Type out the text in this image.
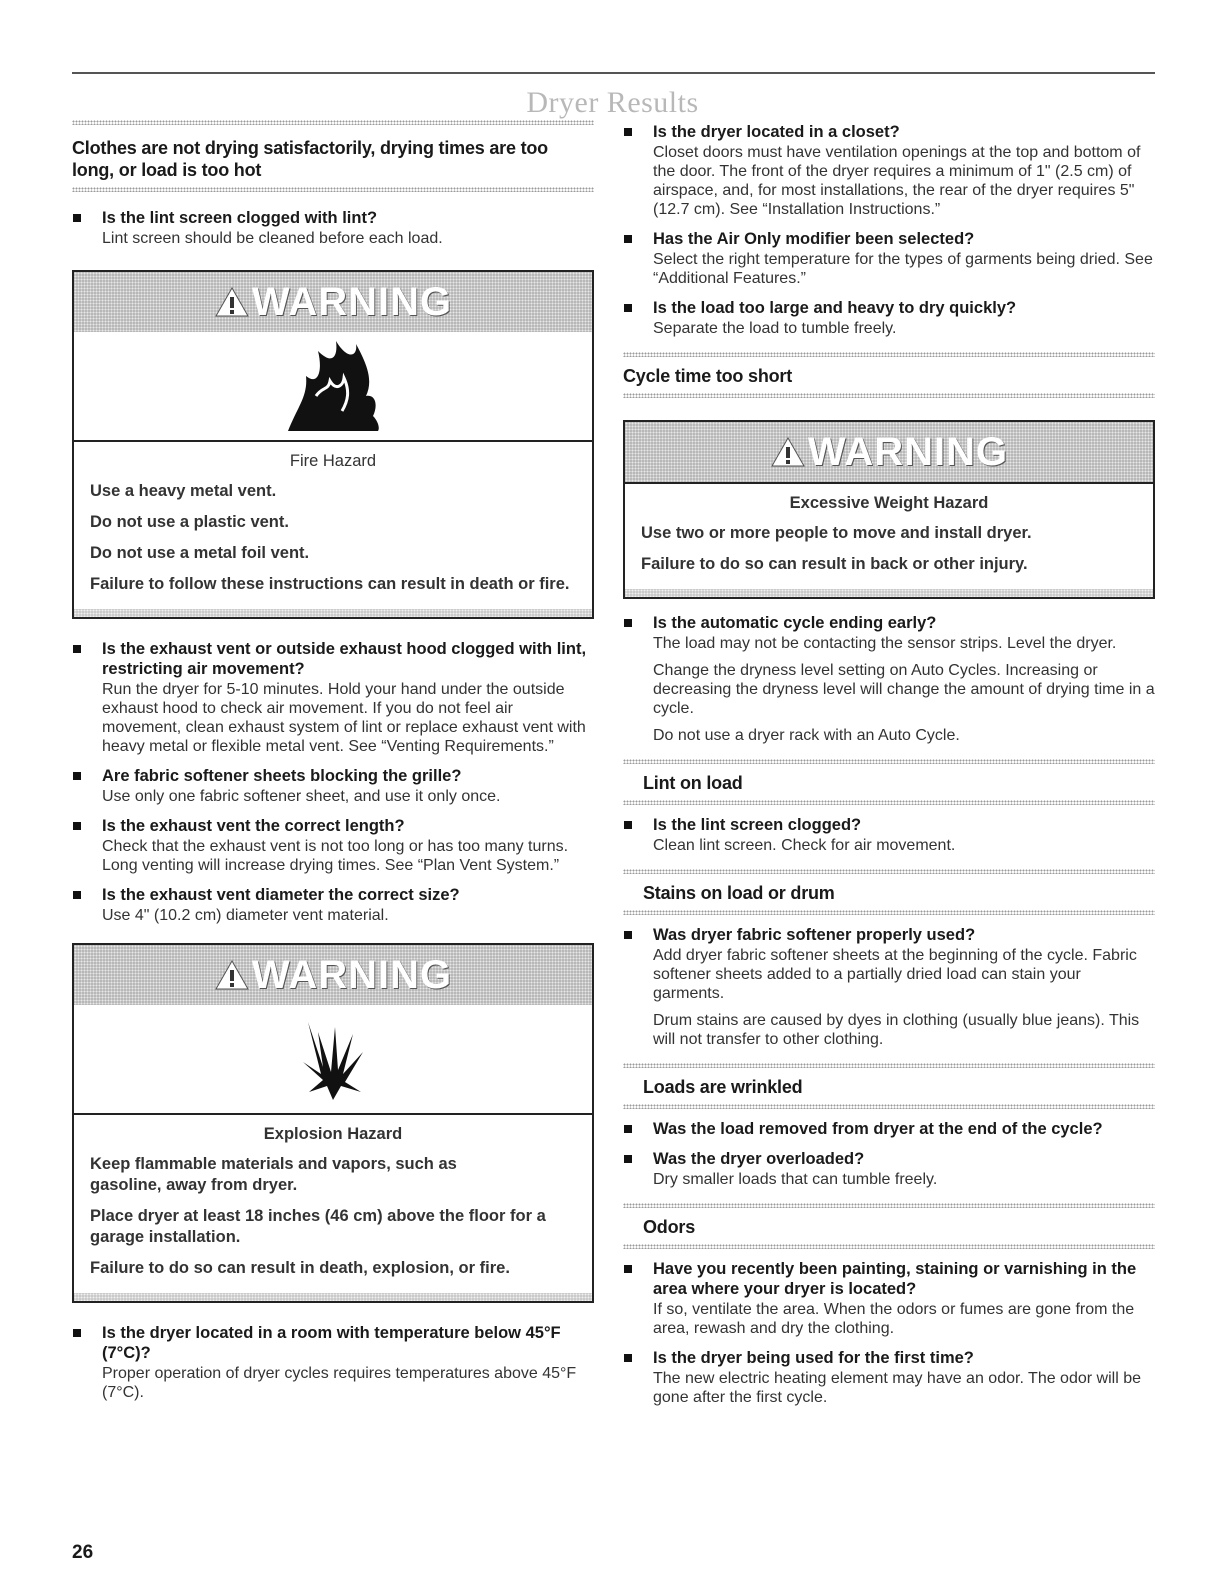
Dryer Results
Clothes are not drying satisfactorily, drying times are too long, or load is too hot
Is the lint screen clogged with lint?
Lint screen should be cleaned before each load.
WARNING
Fire Hazard
Use a heavy metal vent.
Do not use a plastic vent.
Do not use a metal foil vent.
Failure to follow these instructions can result in death or fire.
Is the exhaust vent or outside exhaust hood clogged with lint, restricting air movement?
Run the dryer for 5-10 minutes. Hold your hand under the outside exhaust hood to check air movement. If you do not feel air movement, clean exhaust system of lint or replace exhaust vent with heavy metal or flexible metal vent. See “Venting Requirements.”
Are fabric softener sheets blocking the grille?
Use only one fabric softener sheet, and use it only once.
Is the exhaust vent the correct length?
Check that the exhaust vent is not too long or has too many turns. Long venting will increase drying times. See “Plan Vent System.”
Is the exhaust vent diameter the correct size?
Use 4" (10.2 cm) diameter vent material.
WARNING
Explosion Hazard
Keep flammable materials and vapors, such as gasoline, away from dryer.
Place dryer at least 18 inches (46 cm) above the floor for a garage installation.
Failure to do so can result in death, explosion, or fire.
Is the dryer located in a room with temperature below 45°F (7°C)?
Proper operation of dryer cycles requires temperatures above 45°F (7°C).
Is the dryer located in a closet?
Closet doors must have ventilation openings at the top and bottom of the door. The front of the dryer requires a minimum of 1" (2.5 cm) of airspace, and, for most installations, the rear of the dryer requires 5" (12.7 cm). See “Installation Instructions.”
Has the Air Only modifier been selected?
Select the right temperature for the types of garments being dried. See “Additional Features.”
Is the load too large and heavy to dry quickly?
Separate the load to tumble freely.
Cycle time too short
WARNING
Excessive Weight Hazard
Use two or more people to move and install dryer.
Failure to do so can result in back or other injury.
Is the automatic cycle ending early?
The load may not be contacting the sensor strips. Level the dryer.
Change the dryness level setting on Auto Cycles. Increasing or decreasing the dryness level will change the amount of drying time in a cycle.
Do not use a dryer rack with an Auto Cycle.
Lint on load
Is the lint screen clogged?
Clean lint screen. Check for air movement.
Stains on load or drum
Was dryer fabric softener properly used?
Add dryer fabric softener sheets at the beginning of the cycle. Fabric softener sheets added to a partially dried load can stain your garments.
Drum stains are caused by dyes in clothing (usually blue jeans). This will not transfer to other clothing.
Loads are wrinkled
Was the load removed from dryer at the end of the cycle?
Was the dryer overloaded?
Dry smaller loads that can tumble freely.
Odors
Have you recently been painting, staining or varnishing in the area where your dryer is located?
If so, ventilate the area. When the odors or fumes are gone from the area, rewash and dry the clothing.
Is the dryer being used for the first time?
The new electric heating element may have an odor. The odor will be gone after the first cycle.
26
